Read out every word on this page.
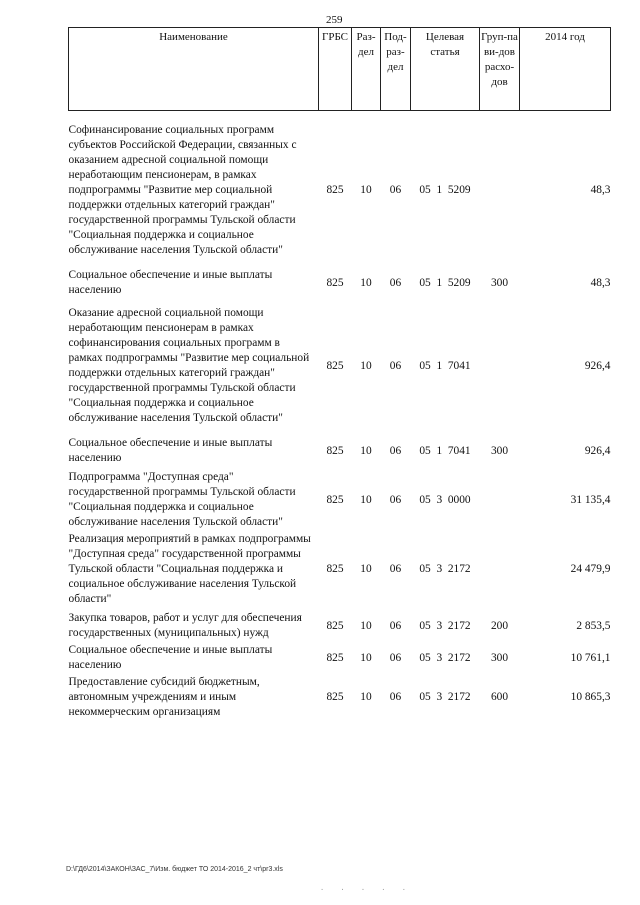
259
Наименование	ГРБС	Раз-дел	Под-раз-дел	Целевая статья	Груп-па ви-дов расхо-дов	2014 год

Софинансирование социальных программ субъектов Российской Федерации, связанных с оказанием адресной социальной помощи неработающим пенсионерам, в рамках подпрограммы "Развитие мер социальной поддержки отдельных категорий граждан" государственной программы Тульской области "Социальная поддержка и социальное обслуживание населения Тульской области"	825	10	06	05  1  5209		48,3

Социальное обеспечение и иные выплаты населению	825	10	06	05  1  5209	300	48,3

Оказание адресной социальной помощи неработающим пенсионерам в рамках софинансирования социальных программ в рамках подпрограммы "Развитие мер социальной поддержки отдельных категорий граждан" государственной программы Тульской области "Социальная поддержка и социальное обслуживание населения Тульской области"	825	10	06	05  1  7041		926,4

Социальное обеспечение и иные выплаты населению	825	10	06	05  1  7041	300	926,4

Подпрограмма "Доступная среда" государственной программы Тульской области "Социальная поддержка и социальное обслуживание населения Тульской области"	825	10	06	05  3  0000		31 135,4

Реализация мероприятий в рамках подпрограммы "Доступная среда" государственной программы Тульской области "Социальная поддержка и социальное обслуживание населения Тульской области"	825	10	06	05  3  2172		24 479,9

Закупка товаров, работ и услуг для обеспечения государственных (муниципальных) нужд	825	10	06	05  3  2172	200	2 853,5

Социальное обеспечение и иные выплаты населению	825	10	06	05  3  2172	300	10 761,1

Предоставление субсидий бюджетным, автономным учреждениям и иным некоммерческим организациям	825	10	06	05  3  2172	600	10 865,3
D:\ГД6\2014\ЗАКОН\ЗАС_7\Изм. бюджет ТО 2014-2016_2 чт\pr3.xls
· · · · ·
